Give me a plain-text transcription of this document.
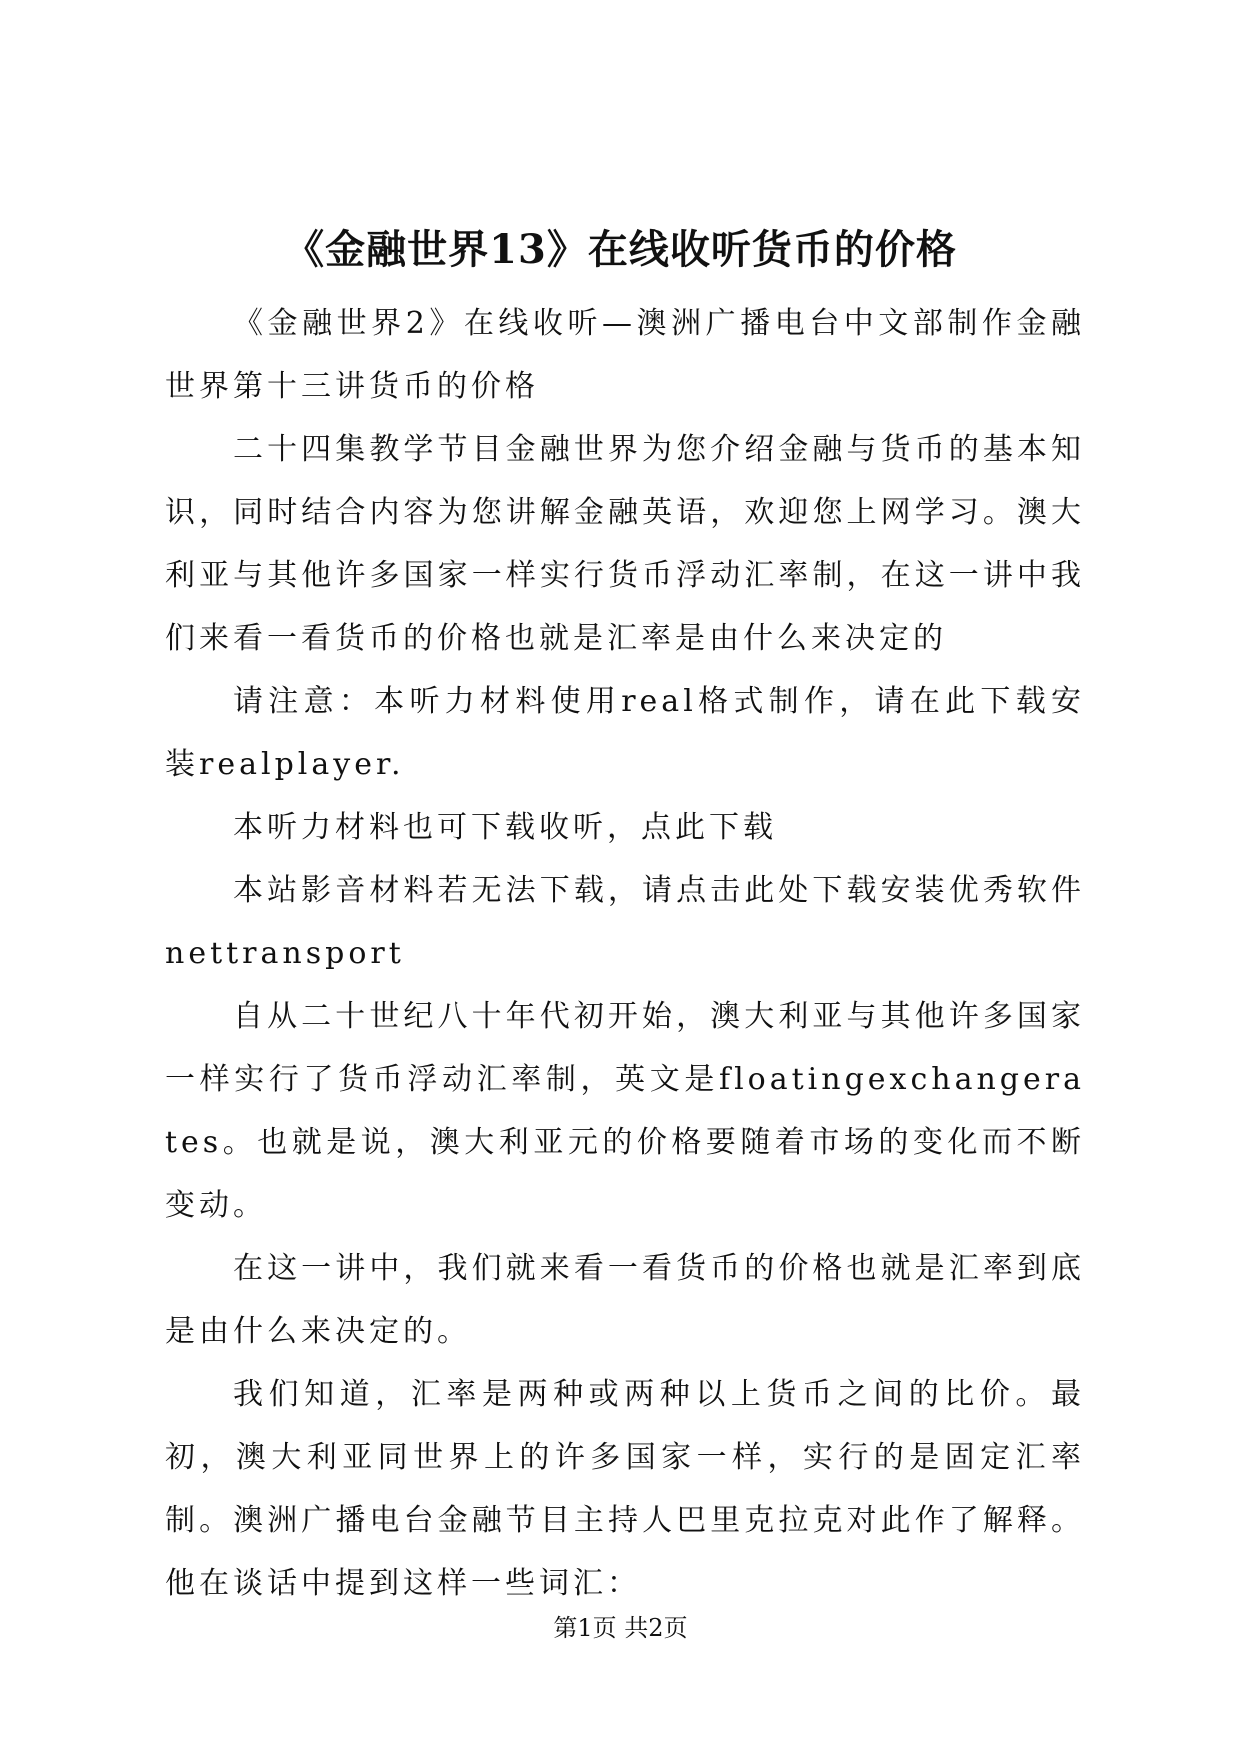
《金融世界13》在线收听货币的价格

《金融世界2》在线收听—澳洲广播电台中文部制作金融世界第十三讲货币的价格

二十四集教学节目金融世界为您介绍金融与货币的基本知识，同时结合内容为您讲解金融英语，欢迎您上网学习。澳大利亚与其他许多国家一样实行货币浮动汇率制，在这一讲中我们来看一看货币的价格也就是汇率是由什么来决定的

请注意：本听力材料使用real格式制作，请在此下载安装realplayer.

本听力材料也可下载收听，点此下载

本站影音材料若无法下载，请点击此处下载安装优秀软件nettransport

自从二十世纪八十年代初开始，澳大利亚与其他许多国家一样实行了货币浮动汇率制，英文是floatingexchangerates。也就是说，澳大利亚元的价格要随着市场的变化而不断变动。

在这一讲中，我们就来看一看货币的价格也就是汇率到底是由什么来决定的。

我们知道，汇率是两种或两种以上货币之间的比价。最初，澳大利亚同世界上的许多国家一样，实行的是固定汇率制。澳洲广播电台金融节目主持人巴里克拉克对此作了解释。他在谈话中提到这样一些词汇：

第1页 共2页
